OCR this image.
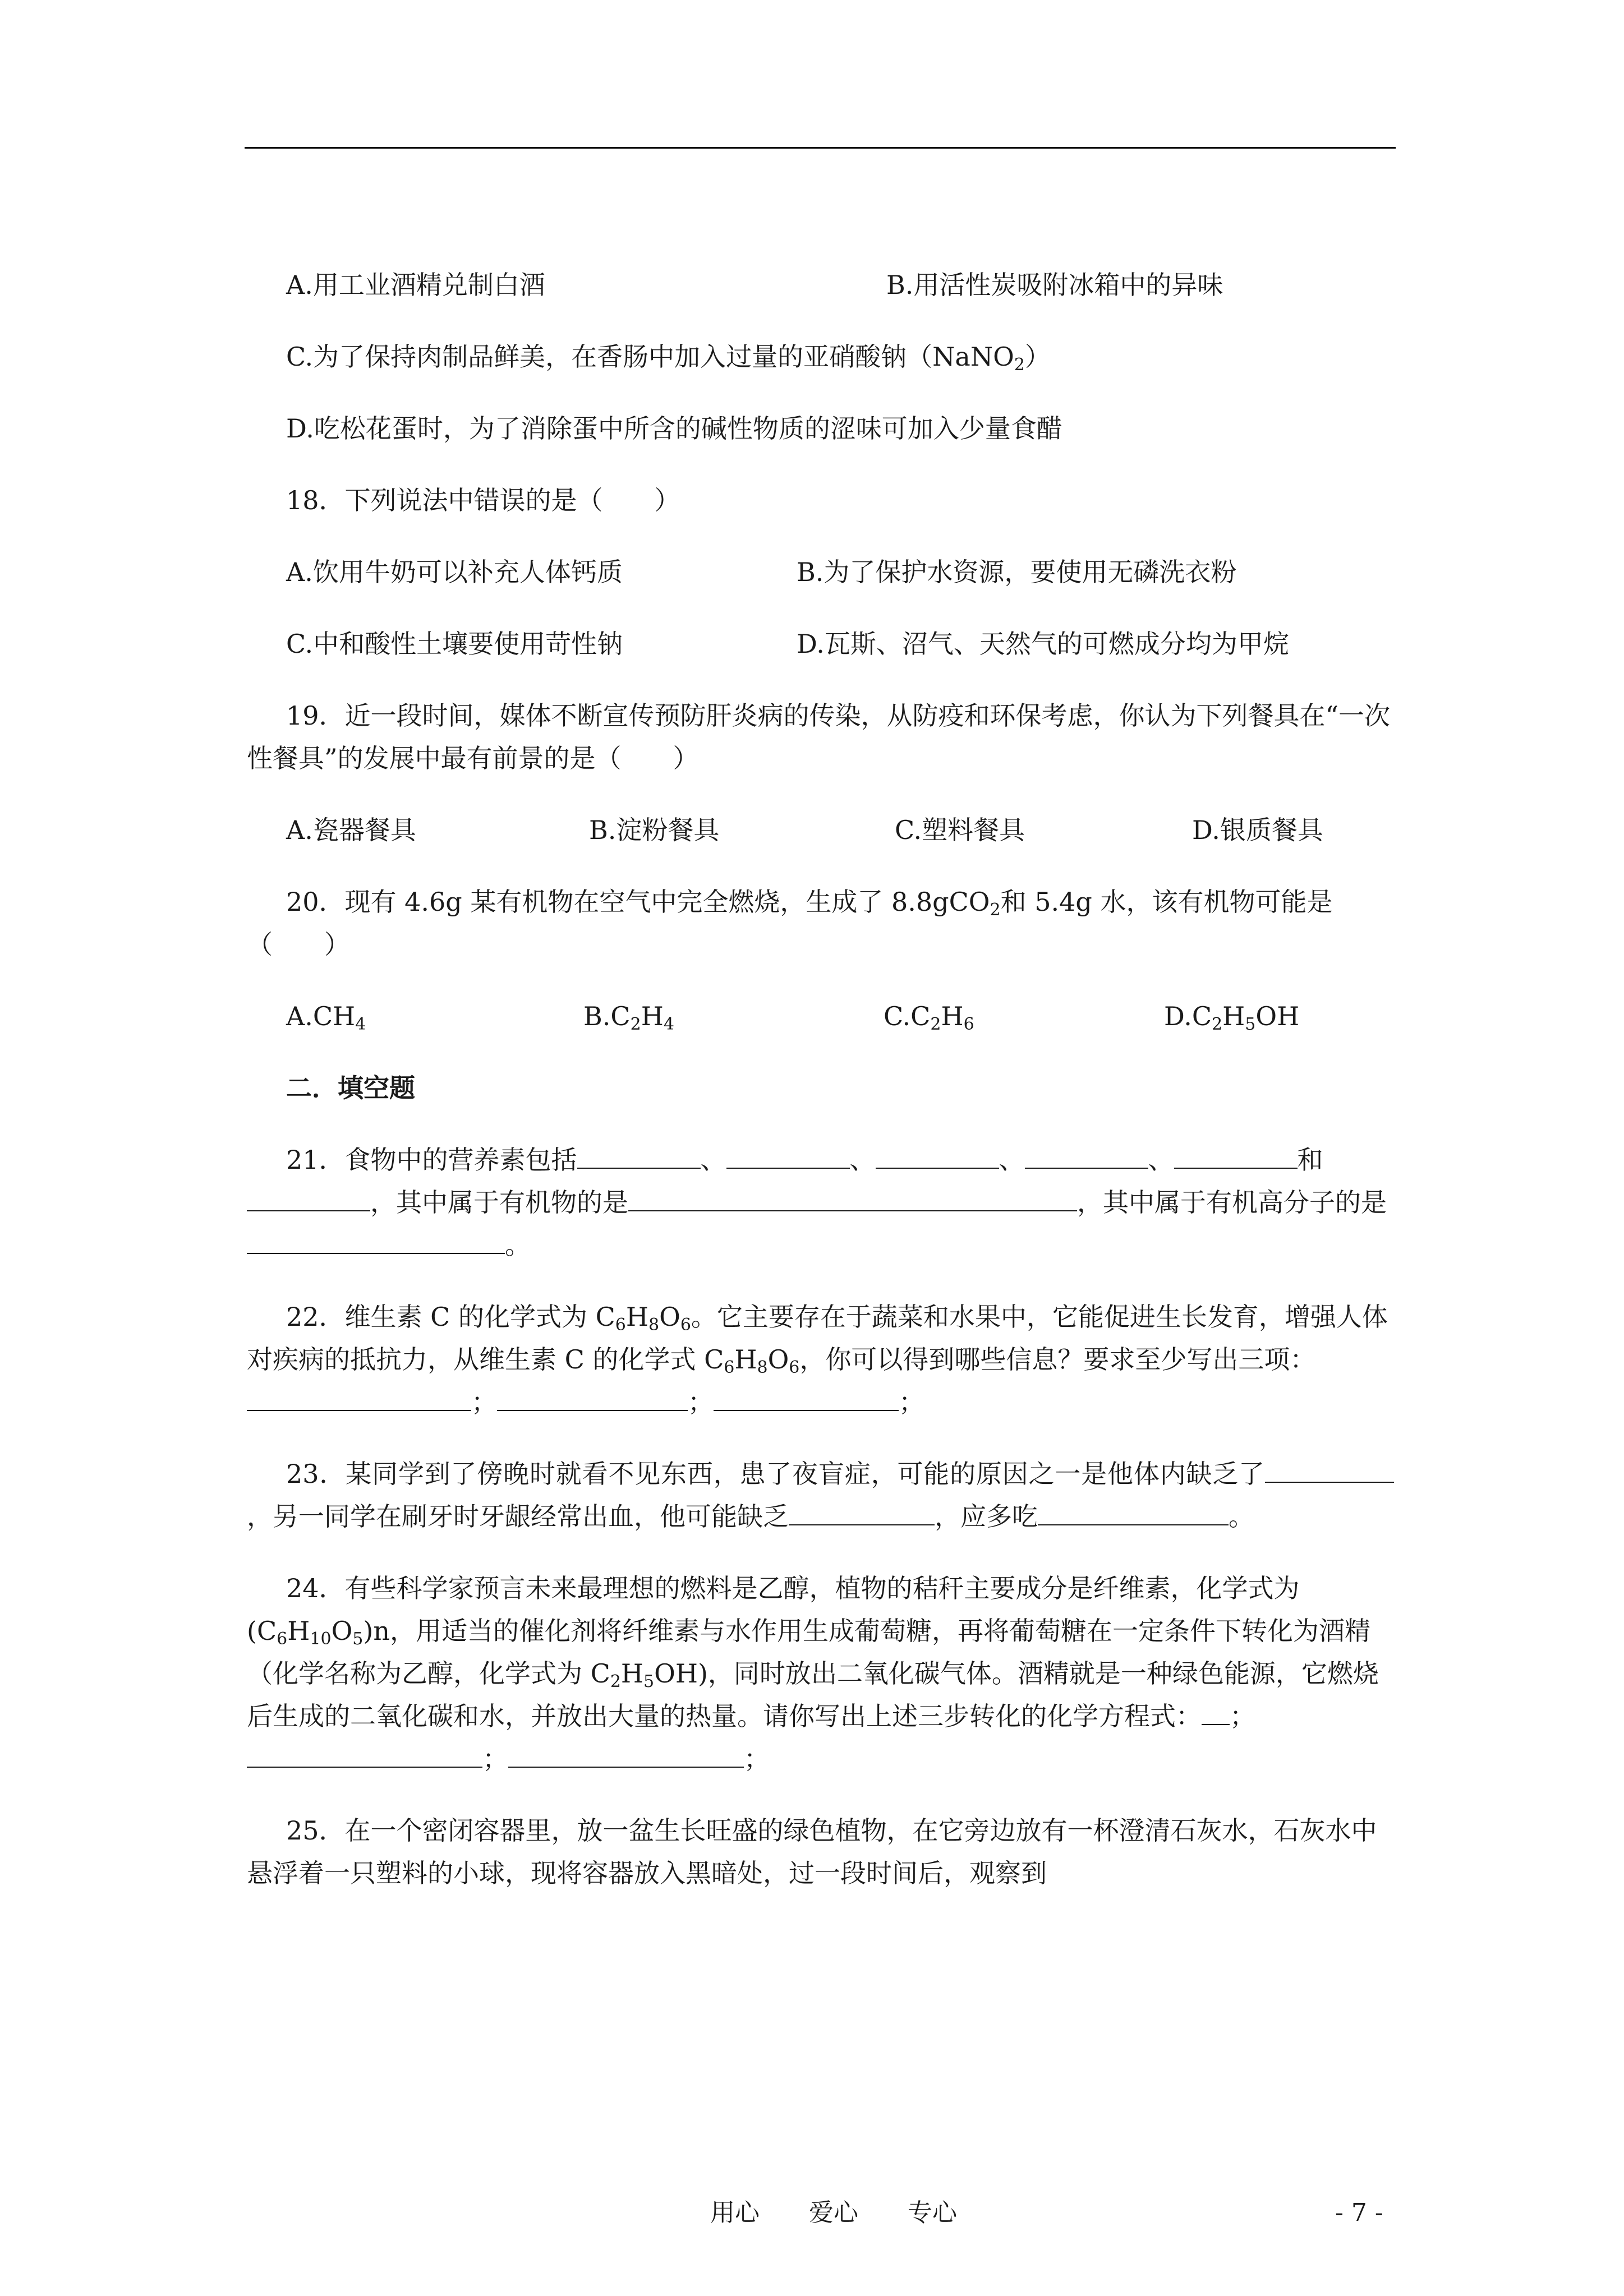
A.用工业酒精兑制白酒	B.用活性炭吸附冰箱中的异味

C.为了保持肉制品鲜美，在香肠中加入过量的亚硝酸钠（NaNO$_2$）

D.吃松花蛋时，为了消除蛋中所含的碱性物质的涩味可加入少量食醋

18．下列说法中错误的是（　　）

A.饮用牛奶可以补充人体钙质	B.为了保护水资源，要使用无磷洗衣粉
C.中和酸性土壤要使用苛性钠	D.瓦斯、沼气、天然气的可燃成分均为甲烷

19．近一段时间，媒体不断宣传预防肝炎病的传染，从防疫和环保考虑，你认为下列餐具在“一次性餐具”的发展中最有前景的是（　　）

A.瓷器餐具	B.淀粉餐具	C.塑料餐具	D.银质餐具

20．现有 4.6g 某有机物在空气中完全燃烧，生成了 8.8gCO$_2$和 5.4g 水，该有机物可能是（　　）

$A.CH_4$	$B.C_2H_4$	$C.C_2H_6$	$D.C_2H_5OH$
二．填空题

21．食物中的营养素包括	、	、	、	、	和，其中属于有机物的是	，其中属于有机高分子的是。

22．维生素 C 的化学式为 $C_6H_8O_6$。它主要存在于蔬菜和水果中，它能促进生长发育，增强人体对疾病的抵抗力，从维生素 C 的化学式 $C_6H_8O_6$，你可以得到哪些信息？要求至少写出三项：；	；	；

23．某同学到了傍晚时就看不见东西，患了夜盲症，可能的原因之一是他体内缺乏了，另一同学在刷牙时牙龈经常出血，他可能缺乏	，应多吃	。

24．有些科学家预言未来最理想的燃料是乙醇，植物的秸秆主要成分是纤维素，化学式为$(C_6H_{10}O_5)n$，用适当的催化剂将纤维素与水作用生成葡萄糖，再将葡萄糖在一定条件下转化为酒精（化学名称为乙醇，化学式为 $C_2H_5OH$)，同时放出二氧化碳气体。酒精就是一种绿色能源，它燃烧后生成的二氧化碳和水，并放出大量的热量。请你写出上述三步转化的化学方程式： ；；	；

25．在一个密闭容器里，放一盆生长旺盛的绿色植物，在它旁边放有一杯澄清石灰水，石灰水中悬浮着一只塑料的小球，现将容器放入黑暗处，过一段时间后，观察到

用心　　爱心　　专心	- 7 -
